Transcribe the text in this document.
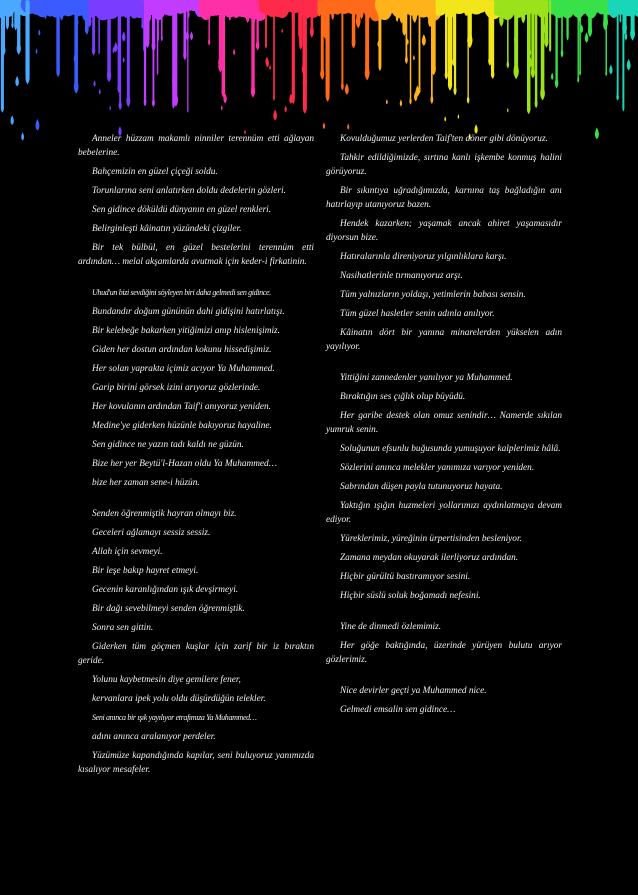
Anneler hüzzam makamlı ninniler terennüm etti ağlayan bebelerine.

Bahçemizin en güzel çiçeği soldu.

Torunlarına seni anlatırken doldu dedelerin gözleri.

Sen gidince döküldü dünyanın en güzel renkleri.

Belirginleşti kâinatın yüzündeki çizgiler.

Bir tek bülbül, en güzel bestelerini terennüm etti ardından… melal akşamlarda avutmak için keder-i firkatinin.

Uhud'un bizi sevdiğini söyleyen biri daha gelmedi sen gidince.

Bundandır doğum gününün dahi gidişini hatırlatışı.

Bir kelebeğe bakarken yitiğimizi anıp hislenişimiz.

Giden her dostun ardından kokunu hissedişimiz.

Her solan yaprakta içimiz acıyor Ya Muhammed.

Garip birini görsek izini arıyoruz gözlerinde.

Her kovulanın ardından Taif'i anıyoruz yeniden.

Medine'ye giderken hüzünle bakıyoruz hayaline.

Sen gidince ne yazın tadı kaldı ne güzün.

Bize her yer Beytü'l-Hazan oldu Ya Muhammed…

bize her zaman sene-i hüzün.

Senden öğrenmiştik hayran olmayı biz.

Geceleri ağlamayı sessiz sessiz.

Allah için sevmeyi.

Bir leşe bakıp hayret etmeyi.

Gecenin karanlığından ışık devşirmeyi.

Bir dağı sevebilmeyi senden öğrenmiştik.

Sonra sen gittin.

Giderken tüm göçmen kuşlar için zarif bir iz bıraktın geride.

Yolunu kaybetmesin diye gemilere fener,

kervanlara ipek yolu oldu düşürdüğün telekler.

Seni anınca bir ışık yayılıyor etrafımıza Ya Muhammed…

adını anınca aralanıyor perdeler.

Yüzümüze kapandığında kapılar, seni buluyoruz yanımızda kısalıyor mesafeler.

Kovulduğumuz yerlerden Taif'ten döner gibi dönüyoruz.

Tahkir edildiğimizde, sırtına kanlı işkembe konmuş halini görüyoruz.

Bir sıkıntıya uğradığımızda, karnına taş bağladığın anı hatırlayıp utanıyoruz bazen.

Hendek kazarken; yaşamak ancak ahiret yaşamasıdır diyorsun bize.

Hatıralarınla direniyoruz yılgınlıklara karşı.

Nasihatlerinle tırmanıyoruz arşı.

Tüm yalnızların yoldaşı, yetimlerin babası sensin.

Tüm güzel hasletler senin adınla anılıyor.

Kâinatın dört bir yanına minarelerden yükselen adın yayılıyor.

Yittiğini zannedenler yanılıyor ya Muhammed.

Bıraktığın ses çığlık olup büyüdü.

Her garibe destek olan omuz senindir… Namerde sıkılan yumruk senin.

Soluğunun efsunlu buğusunda yumuşuyor kalplerimiz hâlâ.

Sözlerini anınca melekler yanımıza varıyor yeniden.

Sabrından düşen payla tutunuyoruz hayata.

Yaktığın ışığın huzmeleri yollarımızı aydınlatmaya devam ediyor.

Yüreklerimiz, yüreğinin ürpertisinden besleniyor.

Zamana meydan okuyarak ilerliyoruz ardından.

Hiçbir gürültü bastıramıyor sesini.

Hiçbir süslü soluk boğamadı nefesini.

Yine de dinmedi özlemimiz.

Her göğe baktığında, üzerinde yürüyen bulutu arıyor gözlerimiz.

Nice devirler geçti ya Muhammed nice.

Gelmedi emsalin sen gidince…
